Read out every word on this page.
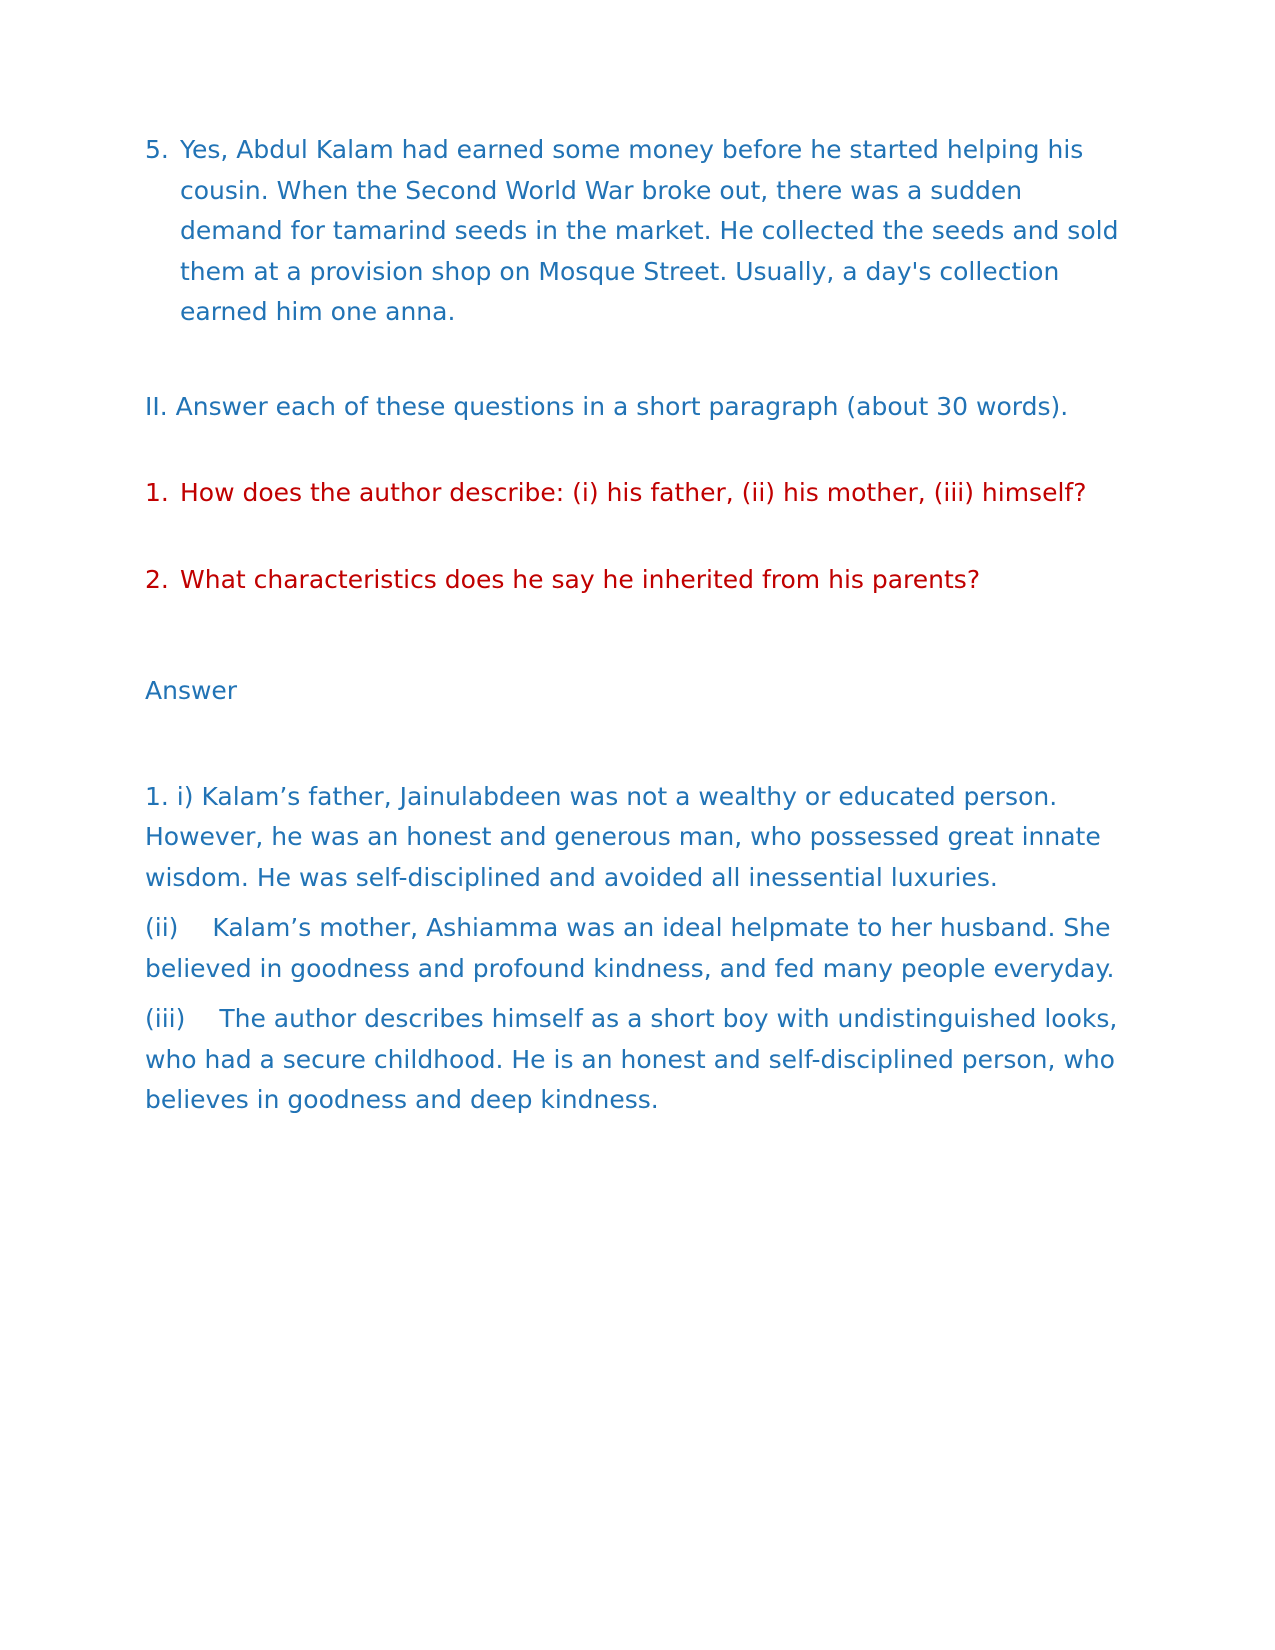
5. Yes, Abdul Kalam had earned some money before he started helping his cousin. When the Second World War broke out, there was a sudden demand for tamarind seeds in the market. He collected the seeds and sold them at a provision shop on Mosque Street. Usually, a day's collection earned him one anna.

II. Answer each of these questions in a short paragraph (about 30 words).

1. How does the author describe: (i) his father, (ii) his mother, (iii) himself?
2. What characteristics does he say he inherited from his parents?

Answer

1. i) Kalam’s father, Jainulabdeen was not a wealthy or educated person. However, he was an honest and generous man, who possessed great innate wisdom. He was self-disciplined and avoided all inessential luxuries.

(ii) Kalam’s mother, Ashiamma was an ideal helpmate to her husband. She believed in goodness and profound kindness, and fed many people everyday.

(iii) The author describes himself as a short boy with undistinguished looks, who had a secure childhood. He is an honest and self-disciplined person, who believes in goodness and deep kindness.
